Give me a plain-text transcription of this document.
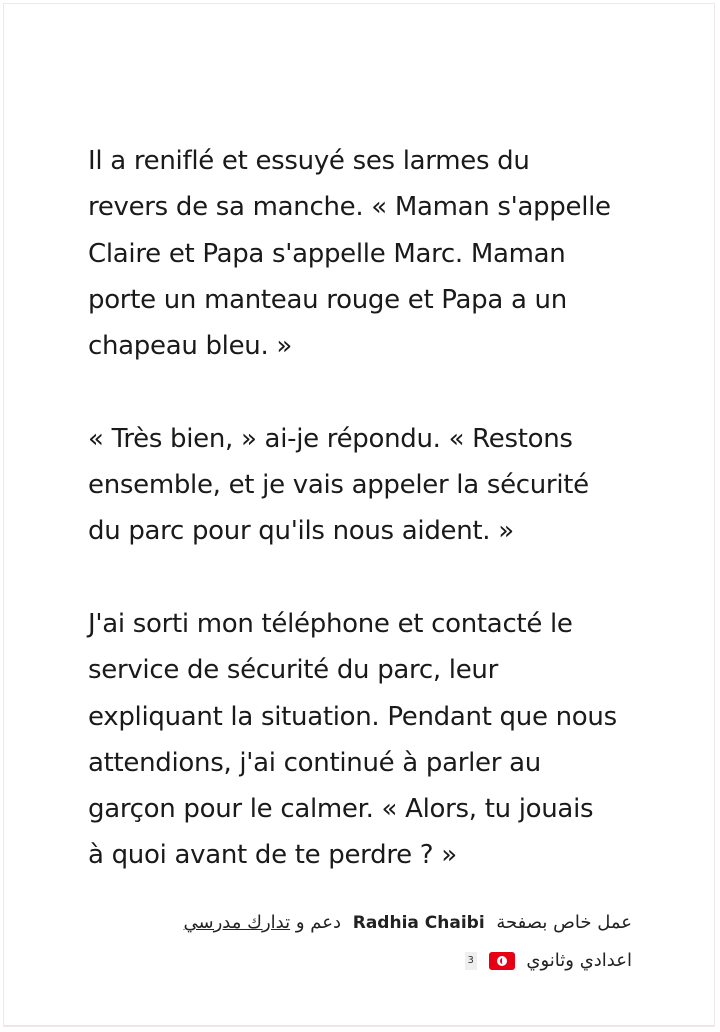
Il a reniflé et essuyé ses larmes du
revers de sa manche. « Maman s'appelle
Claire et Papa s'appelle Marc. Maman
porte un manteau rouge et Papa a un
chapeau bleu. »

« Très bien, » ai-je répondu. « Restons
ensemble, et je vais appeler la sécurité
du parc pour qu'ils nous aident. »

J'ai sorti mon téléphone et contacté le
service de sécurité du parc, leur
expliquant la situation. Pendant que nous
attendions, j'ai continué à parler au
garçon pour le calmer. « Alors, tu jouais
à quoi avant de te perdre ? »

عمل خاص بصفحة Radhia Chaibi دعم و تدارك مدرسي
اعدادي وثانوي  3
